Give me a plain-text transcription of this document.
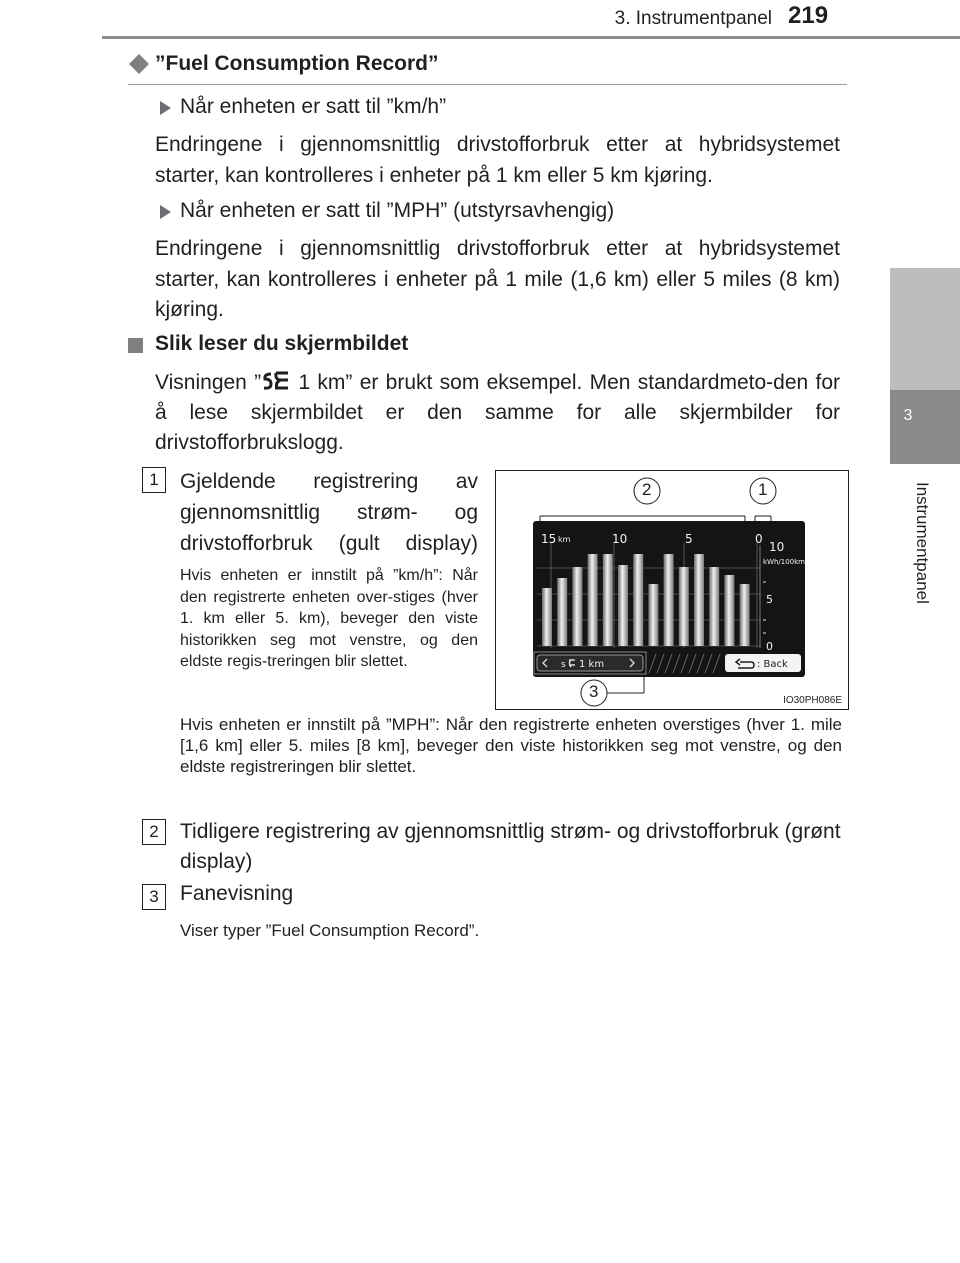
3. Instrumentpanel 219
3
Instrumentpanel
”Fuel Consumption Record”
Når enheten er satt til ”km/h”
Endringene i gjennomsnittlig drivstofforbruk etter at hybridsystemet starter, kan kontrolleres i enheter på 1 km eller 5 km kjøring.
Når enheten er satt til ”MPH” (utstyrsavhengig)
Endringene i gjennomsnittlig drivstofforbruk etter at hybridsystemet starter, kan kontrolleres i enheter på 1 mile (1,6 km) eller 5 miles (8 km) kjøring.
Slik leser du skjermbildet
Visningen ” 1 km” er brukt som eksempel. Men standardmeto-den for å lese skjermbildet er den samme for alle skjermbilder for drivstofforbrukslogg.
1	Gjeldende registrering av gjennomsnittlig strøm- og drivstofforbruk (gult display)
Hvis enheten er innstilt på ”km/h”: Når den registrerte enheten over-stiges (hver 1. km eller 5. km), beveger den viste historikken seg mot venstre, og den eldste regis-treringen blir slettet.
Hvis enheten er innstilt på ”MPH”: Når den registrerte enheten overstiges (hver 1. mile [1,6 km] eller 5. miles [8 km], beveger den viste historikken seg mot venstre, og den eldste registreringen blir slettet.
2	Tidligere registrering av gjennomsnittlig strøm- og drivstofforbruk (grønt display)
3	Fanevisning
Viser typer ”Fuel Consumption Record”.
1
2
3	IO30PH086E
15 km	10	5	0
10
kWh/100km
5
0
s 1 km	: Back
